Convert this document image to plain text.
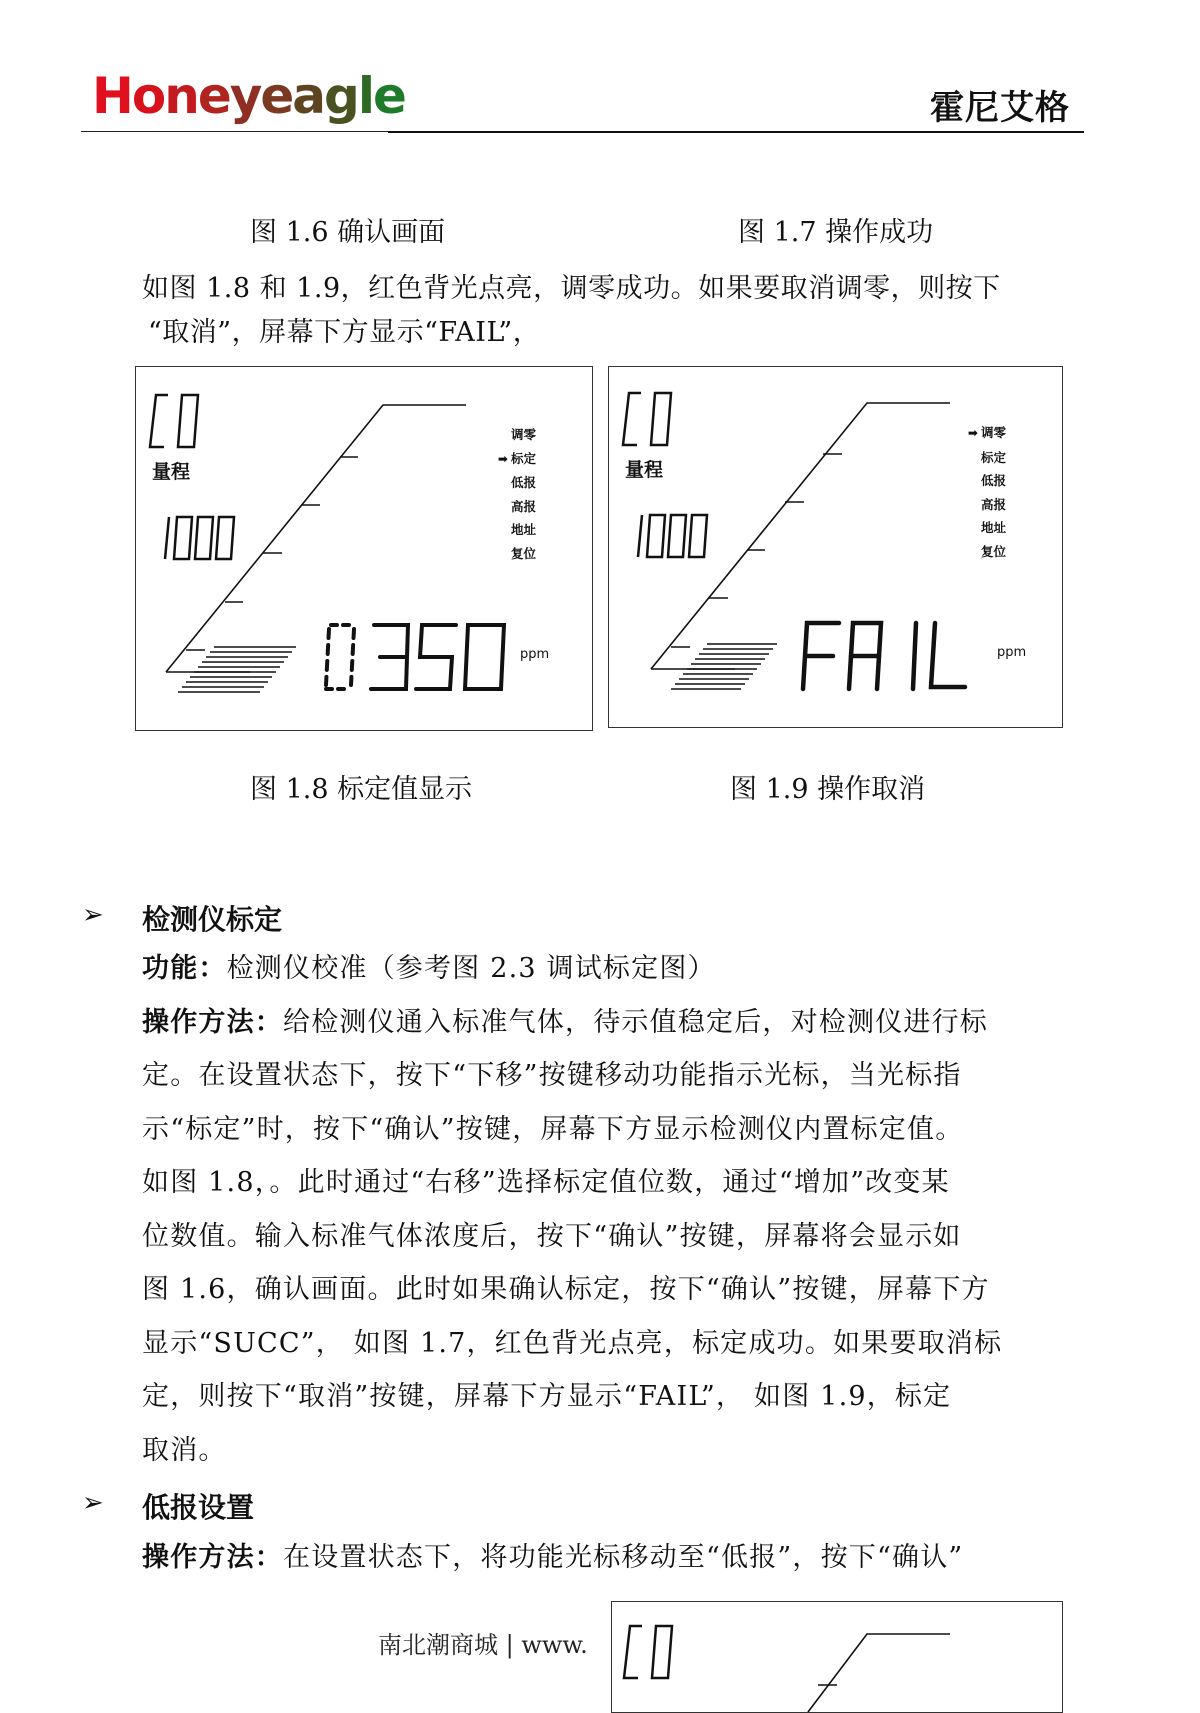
Honeyeagle	霍尼艾格
图 1.6 确认画面	图 1.7 操作成功
如图 1.8 和 1.9，红色背光点亮，调零成功。如果要取消调零，则按下
“取消”，屏幕下方显示“FAIL”，
量程
调零
➡ 标定
低报
高报
地址
复位
ppm
量程
➡ 调零
标定
低报
高报
地址
复位
ppm
图 1.8 标定值显示	图 1.9 操作取消
➢ 检测仪标定
功能：检测仪校准（参考图 2.3 调试标定图）
操作方法：给检测仪通入标准气体，待示值稳定后，对检测仪进行标
定。在设置状态下，按下“下移”按键移动功能指示光标，当光标指
示“标定”时，按下“确认”按键，屏幕下方显示检测仪内置标定值。
如图 1.8，。此时通过“右移”选择标定值位数，通过“增加”改变某
位数值。输入标准气体浓度后，按下“确认”按键，屏幕将会显示如
图 1.6，确认画面。此时如果确认标定，按下“确认”按键，屏幕下方
显示“SUCC”， 如图 1.7，红色背光点亮，标定成功。如果要取消标
定，则按下“取消”按键，屏幕下方显示“FAIL”， 如图 1.9，标定
取消。
➢ 低报设置
操作方法：在设置状态下，将功能光标移动至“低报”，按下“确认”
南北潮商城 | www.
